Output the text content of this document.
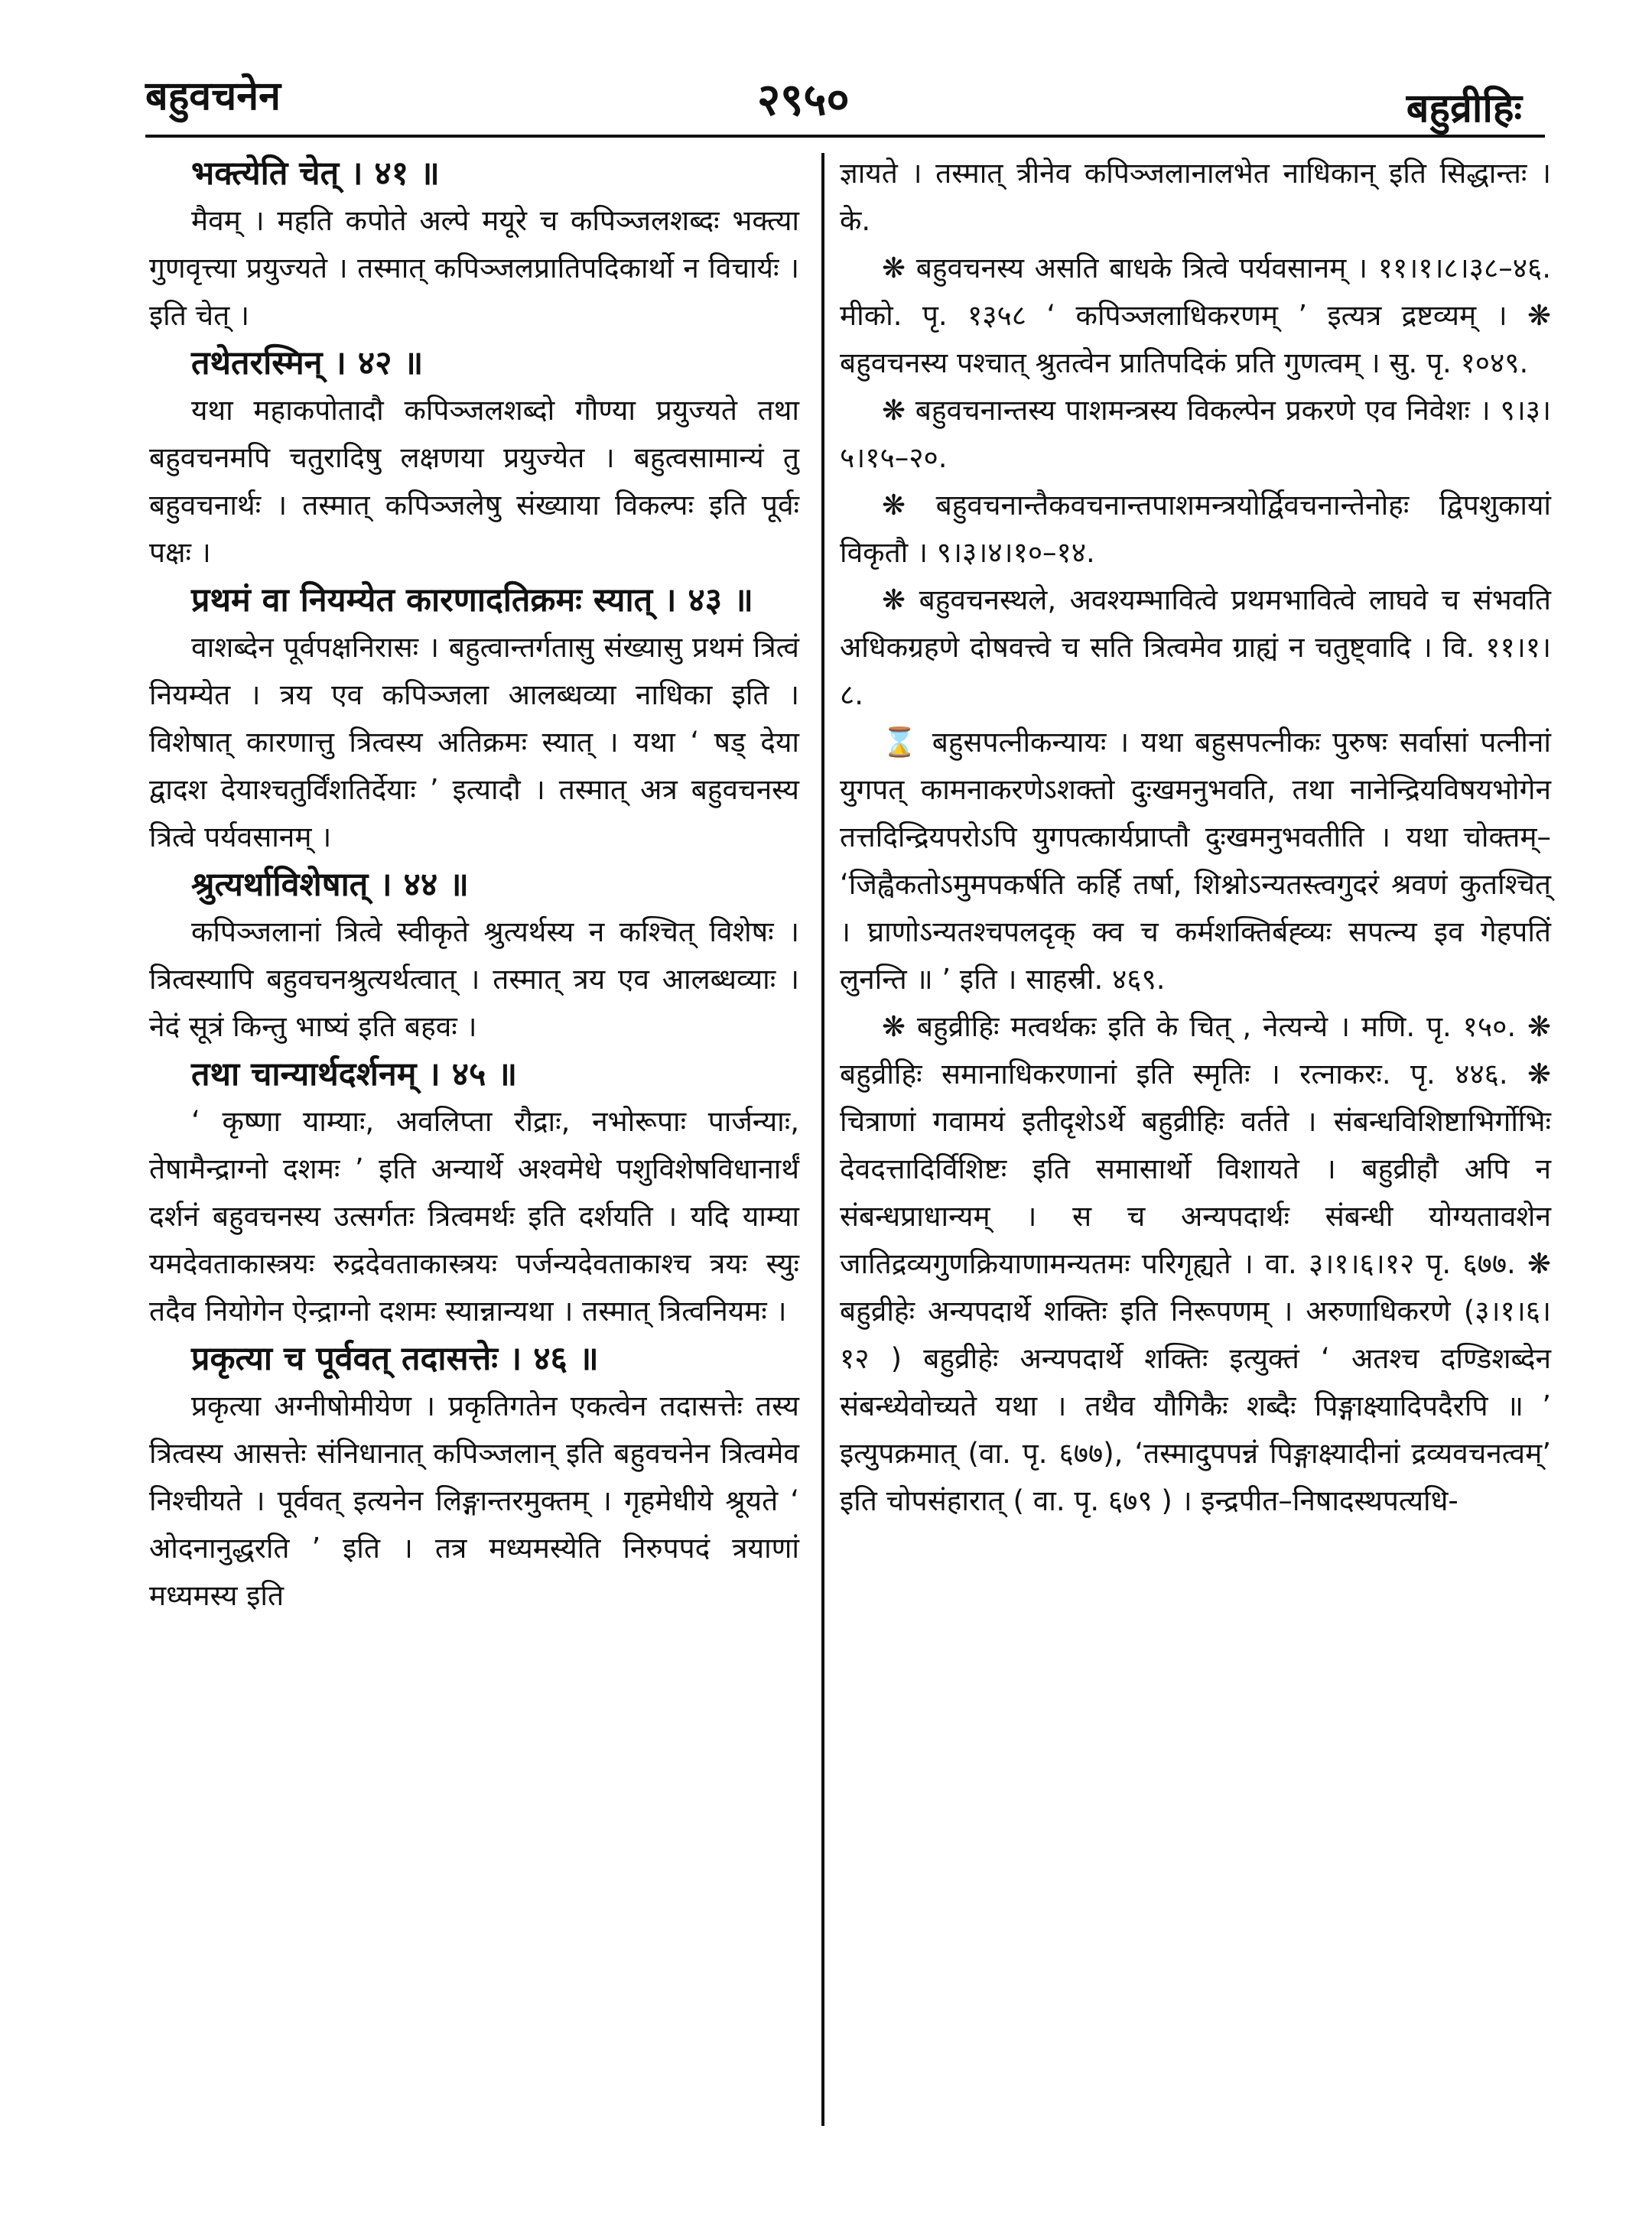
बहुवचनेन	२९५०	बहुव्रीहिः

भक्त्येति चेत् । ४१ ॥

मैवम् । महति कपोते अल्पे मयूरे च कपिञ्जलशब्दः भक्त्या गुणवृत्त्या प्रयुज्यते । तस्मात् कपिञ्जलप्रातिपदिकार्थो न विचार्यः । इति चेत् ।

तथेतरस्मिन् । ४२ ॥

यथा महाकपोतादौ कपिञ्जलशब्दो गौण्या प्रयुज्यते तथा बहुवचनमपि चतुरादिषु लक्षणया प्रयुज्येत । बहुत्वसामान्यं तु बहुवचनार्थः । तस्मात् कपिञ्जलेषु संख्याया विकल्पः इति पूर्वः पक्षः ।

प्रथमं वा नियम्येत कारणादतिक्रमः स्यात् । ४३ ॥

वाशब्देन पूर्वपक्षनिरासः । बहुत्वान्तर्गतासु संख्यासु प्रथमं त्रित्वं नियम्येत । त्रय एव कपिञ्जला आलब्धव्या नाधिका इति । विशेषात् कारणात्तु त्रित्वस्य अतिक्रमः स्यात् । यथा ‘ षड् देया द्वादश देयाश्चतुर्विंशतिर्देयाः ’ इत्यादौ । तस्मात् अत्र बहुवचनस्य त्रित्वे पर्यवसानम् ।

श्रुत्यर्थाविशेषात् । ४४ ॥

कपिञ्जलानां त्रित्वे स्वीकृते श्रुत्यर्थस्य न कश्चित् विशेषः । त्रित्वस्यापि बहुवचनश्रुत्यर्थत्वात् । तस्मात् त्रय एव आलब्धव्याः । नेदं सूत्रं किन्तु भाष्यं इति बहवः ।

तथा चान्यार्थदर्शनम् । ४५ ॥

‘ कृष्णा याम्याः, अवलिप्ता रौद्राः, नभोरूपाः पार्जन्याः, तेषामैन्द्राग्नो दशमः ’ इति अन्यार्थे अश्वमेधे पशुविशेषविधानार्थं दर्शनं बहुवचनस्य उत्सर्गतः त्रित्वमर्थः इति दर्शयति । यदि याम्या यमदेवताकास्त्रयः रुद्रदेवताकास्त्रयः पर्जन्यदेवताकाश्च त्रयः स्युः तदैव नियोगेन ऐन्द्राग्नो दशमः स्यान्नान्यथा । तस्मात् त्रित्वनियमः ।

प्रकृत्या च पूर्ववत् तदासत्तेः । ४६ ॥

प्रकृत्या अग्नीषोमीयेण । प्रकृतिगतेन एकत्वेन तदासत्तेः तस्य त्रित्वस्य आसत्तेः संनिधानात् कपिञ्जलान् इति बहुवचनेन त्रित्वमेव निश्चीयते । पूर्ववत् इत्यनेन लिङ्गान्तरमुक्तम् । गृहमेधीये श्रूयते ‘ ओदनानुद्धरति ’ इति । तत्र मध्यमस्येति निरुपपदं त्रयाणां मध्यमस्य इति

ज्ञायते । तस्मात् त्रीनेव कपिञ्जलानालभेत नाधिकान् इति सिद्धान्तः । के.

❋ बहुवचनस्य असति बाधके त्रित्वे पर्यवसानम् । ११।१।८।३८–४६. मीको. पृ. १३५८ ‘ कपिञ्जलाधिकरणम् ’ इत्यत्र द्रष्टव्यम् । ❋ बहुवचनस्य पश्चात् श्रुतत्वेन प्रातिपदिकं प्रति गुणत्वम् । सु. पृ. १०४९.

❋ बहुवचनान्तस्य पाशमन्त्रस्य विकल्पेन प्रकरणे एव निवेशः । ९।३।५।१५–२०.

❋ बहुवचनान्तैकवचनान्तपाशमन्त्रयोर्द्विवचनान्तेनोहः द्विपशुकायां विकृतौ । ९।३।४।१०–१४.

❋ बहुवचनस्थले, अवश्यम्भावित्वे प्रथमभावित्वे लाघवे च संभवति अधिकग्रहणे दोषवत्त्वे च सति त्रित्वमेव ग्राह्यं न चतुष्ट्वादि । वि. ११।१।८.

⌛ बहुसपत्नीकन्यायः । यथा बहुसपत्नीकः पुरुषः सर्वासां पत्नीनां युगपत् कामनाकरणेऽशक्तो दुःखमनुभवति, तथा नानेन्द्रियविषयभोगेन तत्तदिन्द्रियपरोऽपि युगपत्कार्यप्राप्तौ दुःखमनुभवतीति । यथा चोक्तम्– ‘जिह्वैकतोऽमुमपकर्षति कर्हि तर्षा, शिश्नोऽन्यतस्त्वगुदरं श्रवणं कुतश्चित् । घ्राणोऽन्यतश्चपलदृक् क्व च कर्मशक्तिर्बह्व्यः सपत्न्य इव गेहपतिं लुनन्ति ॥ ’ इति । साहस्री. ४६९.

❋ बहुव्रीहिः मत्वर्थकः इति के चित् , नेत्यन्ये । मणि. पृ. १५०. ❋ बहुव्रीहिः समानाधिकरणानां इति स्मृतिः । रत्नाकरः. पृ. ४४६. ❋ चित्राणां गवामयं इतीदृशेऽर्थे बहुव्रीहिः वर्तते । संबन्धविशिष्टाभिर्गोभिः देवदत्तादिर्विशिष्टः इति समासार्थो विशायते । बहुव्रीहौ अपि न संबन्धप्राधान्यम् । स च अन्यपदार्थः संबन्धी योग्यतावशेन जातिद्रव्यगुणक्रियाणामन्यतमः परिगृह्यते । वा. ३।१।६।१२ पृ. ६७७. ❋ बहुव्रीहेः अन्यपदार्थे शक्तिः इति निरूपणम् । अरुणाधिकरणे (३।१।६।१२ ) बहुव्रीहेः अन्यपदार्थे शक्तिः इत्युक्तं ‘ अतश्च दण्डिशब्देन संबन्ध्येवोच्यते यथा । तथैव यौगिकैः शब्दैः पिङ्गाक्ष्यादिपदैरपि ॥ ’ इत्युपक्रमात् (वा. पृ. ६७७), ‘तस्मादुपपन्नं पिङ्गाक्ष्यादीनां द्रव्यवचनत्वम्’ इति चोपसंहारात् ( वा. पृ. ६७९ ) । इन्द्रपीत–निषादस्थपत्यधि-
